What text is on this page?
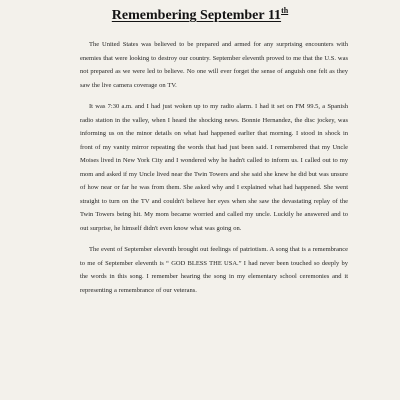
Remembering September 11th

The United States was believed to be prepared and armed for any surprising encounters with enemies that were looking to destroy our country. September eleventh proved to me that the U.S. was not prepared as we were led to believe. No one will ever forget the sense of anguish one felt as they saw the live camera coverage on TV.

It was 7:30 a.m. and I had just woken up to my radio alarm. I had it set on FM 99.5, a Spanish radio station in the valley, when I heard the shocking news. Bonnie Hernandez, the disc jockey, was informing us on the minor details on what had happened earlier that morning. I stood in shock in front of my vanity mirror repeating the words that had just been said. I remembered that my Uncle Moises lived in New York City and I wondered why he hadn't called to inform us. I called out to my mom and asked if my Uncle lived near the Twin Towers and she said she knew he did but was unsure of how near or far he was from them. She asked why and I explained what had happened. She went straight to turn on the TV and couldn't believe her eyes when she saw the devastating replay of the Twin Towers being hit. My mom became worried and called my uncle. Luckily he answered and to out surprise, he himself didn't even know what was going on.

The event of September eleventh brought out feelings of patriotism. A song that is a remembrance to me of September eleventh is “ GOD BLESS THE USA.” I had never been touched so deeply by the words in this song. I remember hearing the song in my elementary school ceremonies and it representing a remembrance of our veterans.
